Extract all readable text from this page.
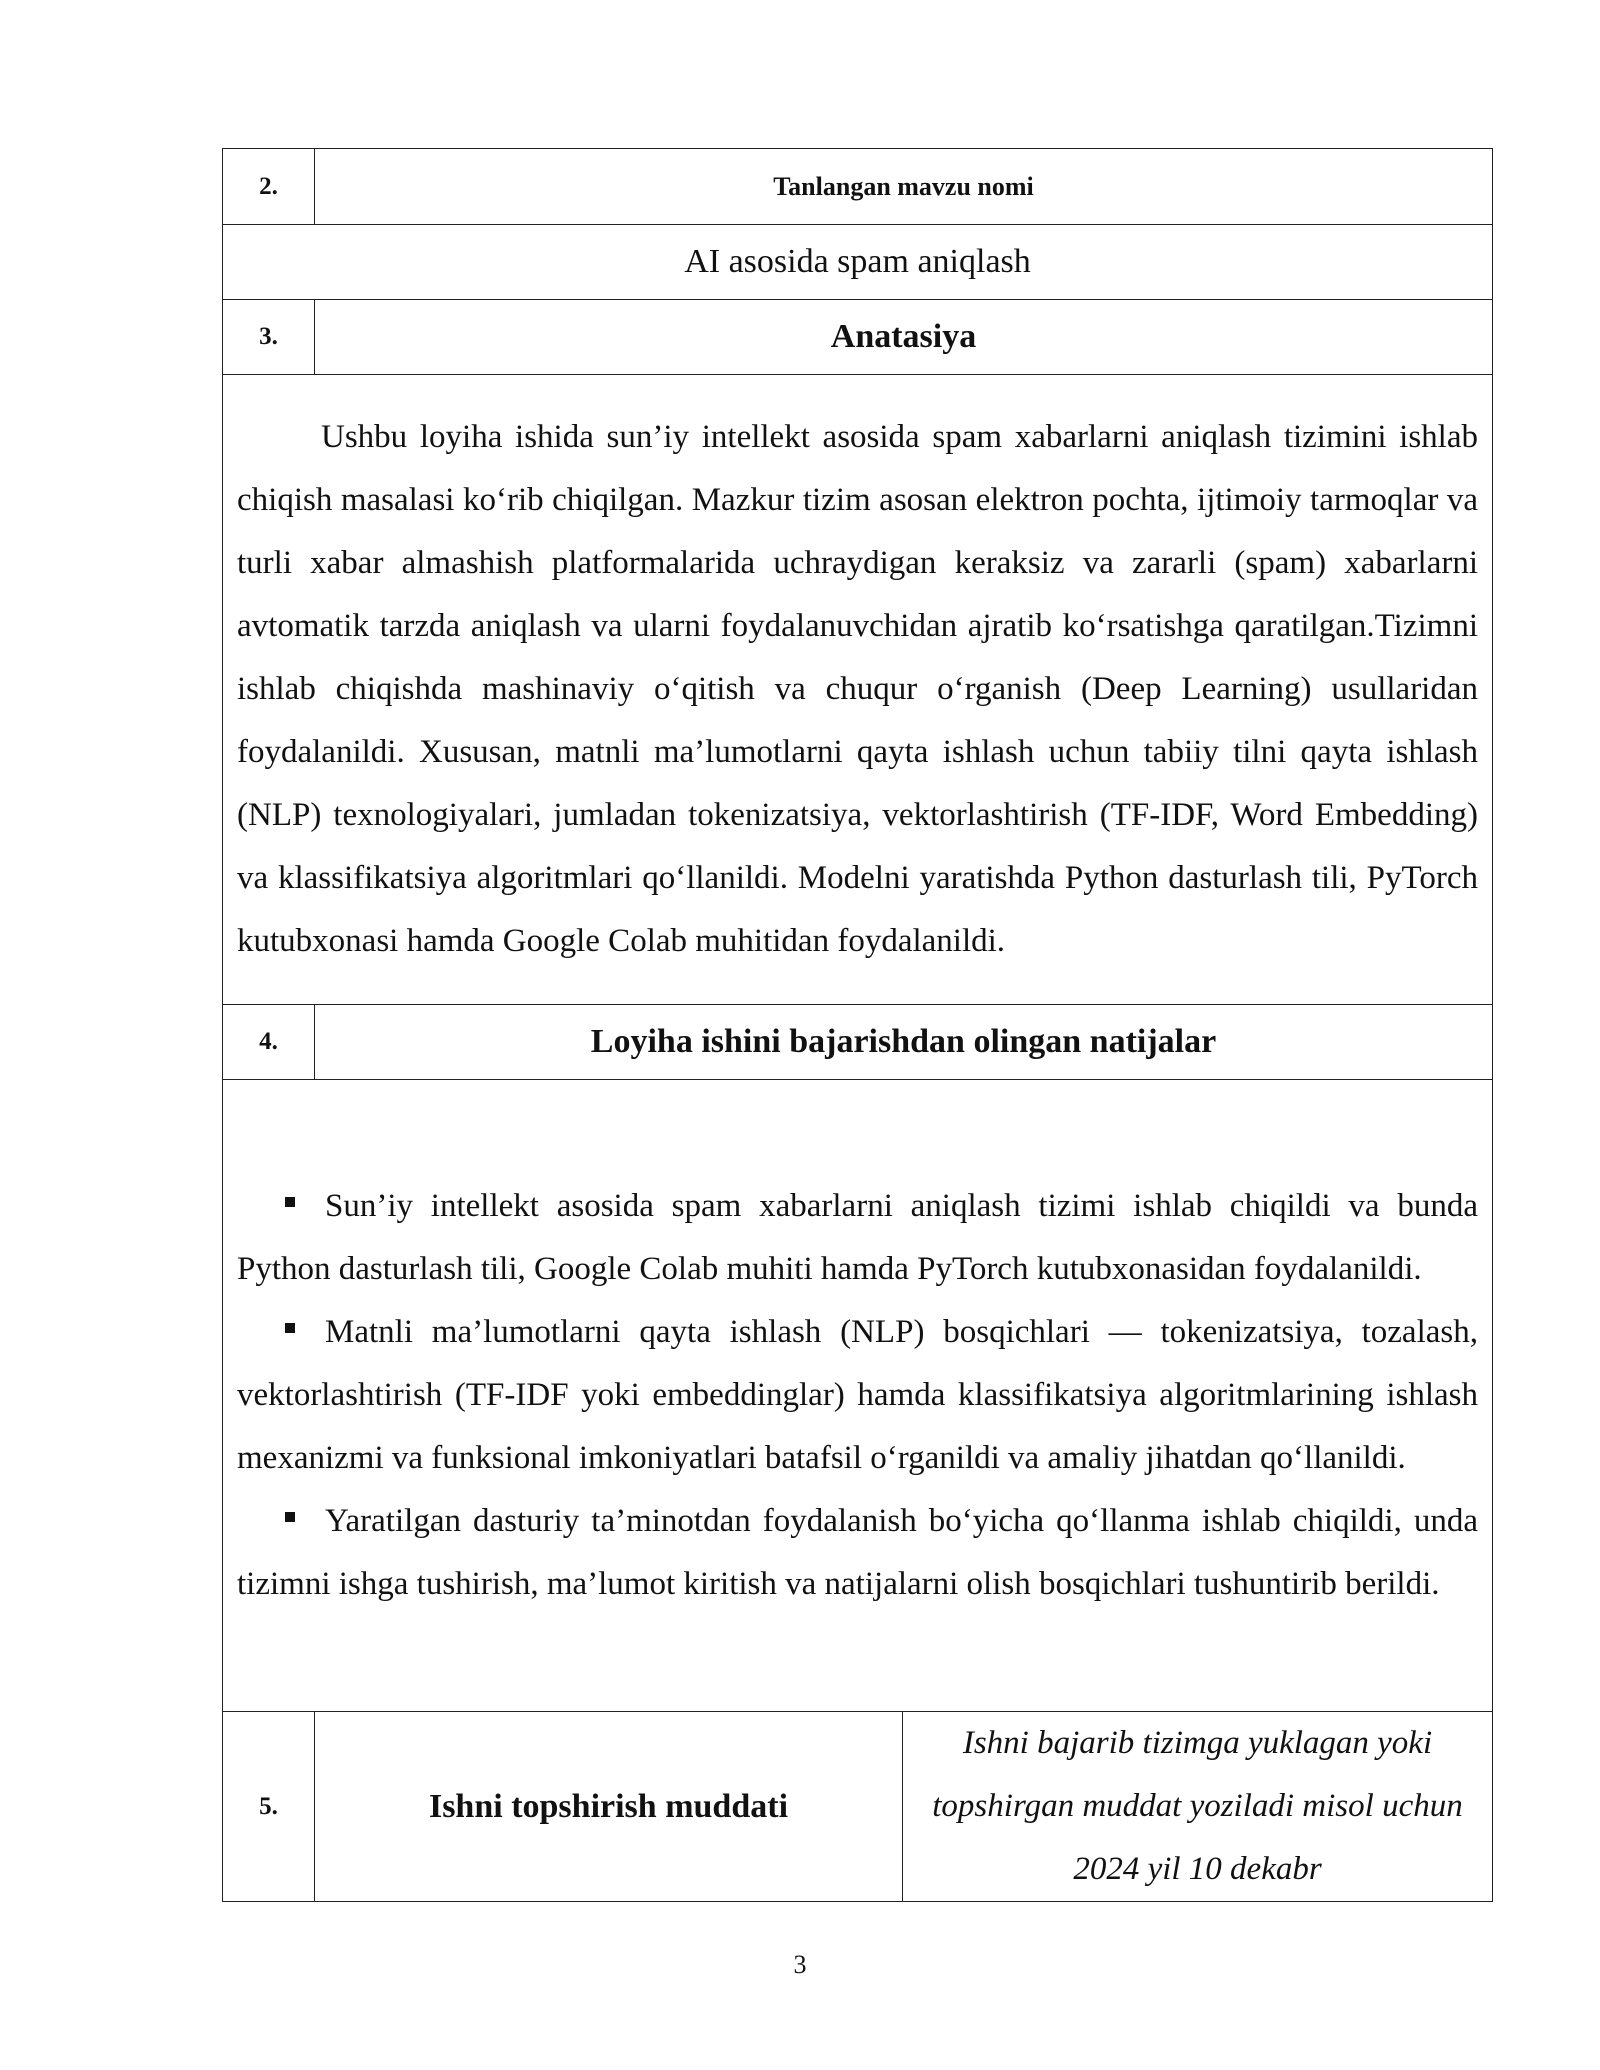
2.	Tanlangan mavzu nomi	
AI asosida spam aniqlash		
3.	Anatasiya	

Ushbu loyiha ishida sun’iy intellekt asosida spam xabarlarni aniqlash tizimini ishlab chiqish masalasi ko‘rib chiqilgan. Mazkur tizim asosan elektron pochta, ijtimoiy tarmoqlar va turli xabar almashish platformalarida uchraydigan keraksiz va zararli (spam) xabarlarni avtomatik tarzda aniqlash va ularni foydalanuvchidan ajratib ko‘rsatishga qaratilgan.Tizimni ishlab chiqishda mashinaviy o‘qitish va chuqur o‘rganish (Deep Learning) usullaridan foydalanildi. Xususan, matnli ma’lumotlarni qayta ishlash uchun tabiiy tilni qayta ishlash (NLP) texnologiyalari, jumladan tokenizatsiya, vektorlashtirish (TF-IDF, Word Embedding) va klassifikatsiya algoritmlari qo‘llanildi. Modelni yaratishda Python dasturlash tili, PyTorch kutubxonasi hamda Google Colab muhitidan foydalanildi.		

4.	Loyiha ishini bajarishdan olingan natijalar	

Sun’iy intellekt asosida spam xabarlarni aniqlash tizimi ishlab chiqildi va bunda Python dasturlash tili, Google Colab muhiti hamda PyTorch kutubxonasidan foydalanildi.

Matnli ma’lumotlarni qayta ishlash (NLP) bosqichlari — tokenizatsiya, tozalash, vektorlashtirish (TF-IDF yoki embeddinglar) hamda klassifikatsiya algoritmlarining ishlash mexanizmi va funksional imkoniyatlari batafsil o‘rganildi va amaliy jihatdan qo‘llanildi.

Yaratilgan dasturiy ta’minotdan foydalanish bo‘yicha qo‘llanma ishlab chiqildi, unda tizimni ishga tushirish, ma’lumot kiritish va natijalarni olish bosqichlari tushuntirib berildi.		

5.	Ishni topshirish muddati	Ishni bajarib tizimga yuklagan yoki topshirgan muddat yoziladi misol uchun 2024 yil 10 dekabr
3
